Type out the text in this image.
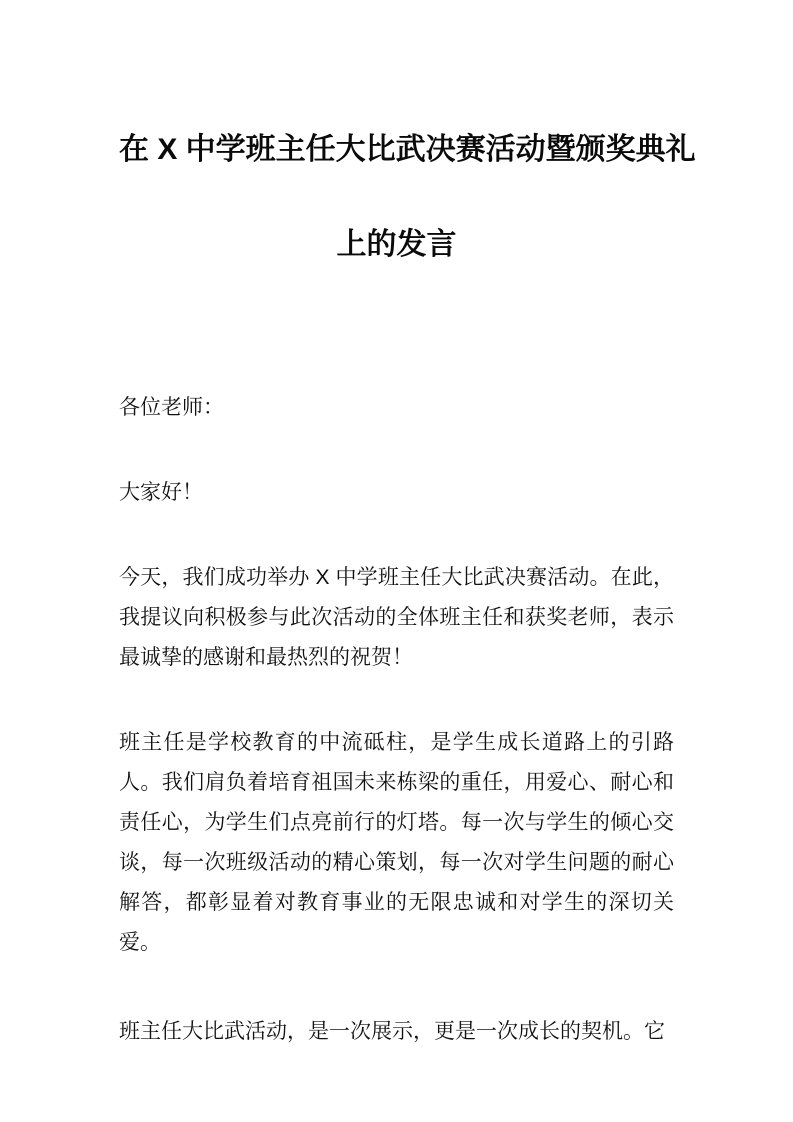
在 X 中学班主任大比武决赛活动暨颁奖典礼
上的发言

各位老师：

大家好！

今天，我们成功举办 X 中学班主任大比武决赛活动。在此，我提议向积极参与此次活动的全体班主任和获奖老师，表示最诚挚的感谢和最热烈的祝贺！

班主任是学校教育的中流砥柱，是学生成长道路上的引路人。我们肩负着培育祖国未来栋梁的重任，用爱心、耐心和责任心，为学生们点亮前行的灯塔。每一次与学生的倾心交谈，每一次班级活动的精心策划，每一次对学生问题的耐心解答，都彰显着对教育事业的无限忠诚和对学生的深切关爱。

班主任大比武活动，是一次展示，更是一次成长的契机。它
